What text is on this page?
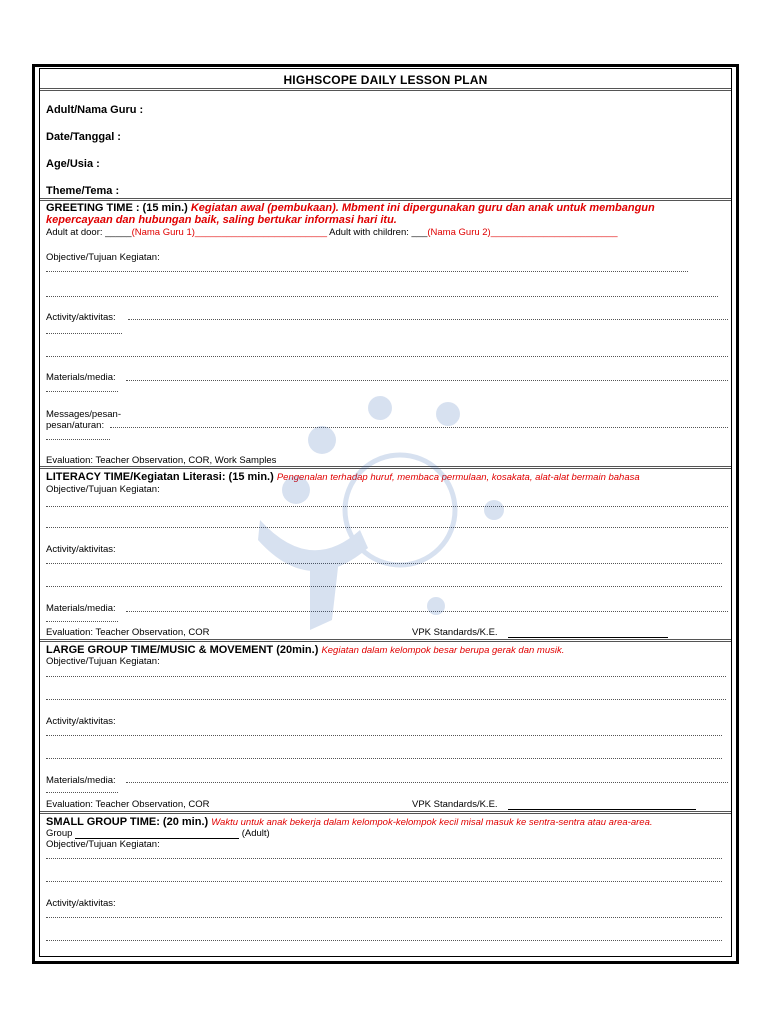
HIGHSCOPE DAILY LESSON PLAN
Adult/Nama Guru :
Date/Tanggal :
Age/Usia :
Theme/Tema :
GREETING TIME : (15 min.) Kegiatan awal (pembukaan). Mbment ini dipergunakan guru dan anak untuk membangun
kepercayaan dan hubungan baik, saling bertukar informasi hari itu.
Adult at door: _____(Nama Guru 1)_________________________ Adult with children: ___(Nama Guru 2)________________________
Objective/Tujuan Kegiatan:
Activity/aktivitas:
Materials/media:
Messages/pesan-
pesan/aturan:
Evaluation: Teacher Observation, COR, Work Samples
LITERACY TIME/Kegiatan Literasi: (15 min.) Pengenalan terhadap huruf, membaca permulaan, kosakata, alat-alat bermain bahasa
Objective/Tujuan Kegiatan:
Activity/aktivitas:
Materials/media:
Evaluation: Teacher Observation, COR	VPK Standards/K.E.
LARGE GROUP TIME/MUSIC & MOVEMENT (20min.) Kegiatan dalam kelompok besar berupa gerak dan musik.
Objective/Tujuan Kegiatan:
Activity/aktivitas:
Materials/media:
Evaluation: Teacher Observation, COR	VPK Standards/K.E.
SMALL GROUP TIME: (20 min.) Waktu untuk anak bekerja dalam kelompok-kelompok kecil misal masuk ke sentra-sentra atau area-area.
Group	(Adult)
Objective/Tujuan Kegiatan:
Activity/aktivitas:
